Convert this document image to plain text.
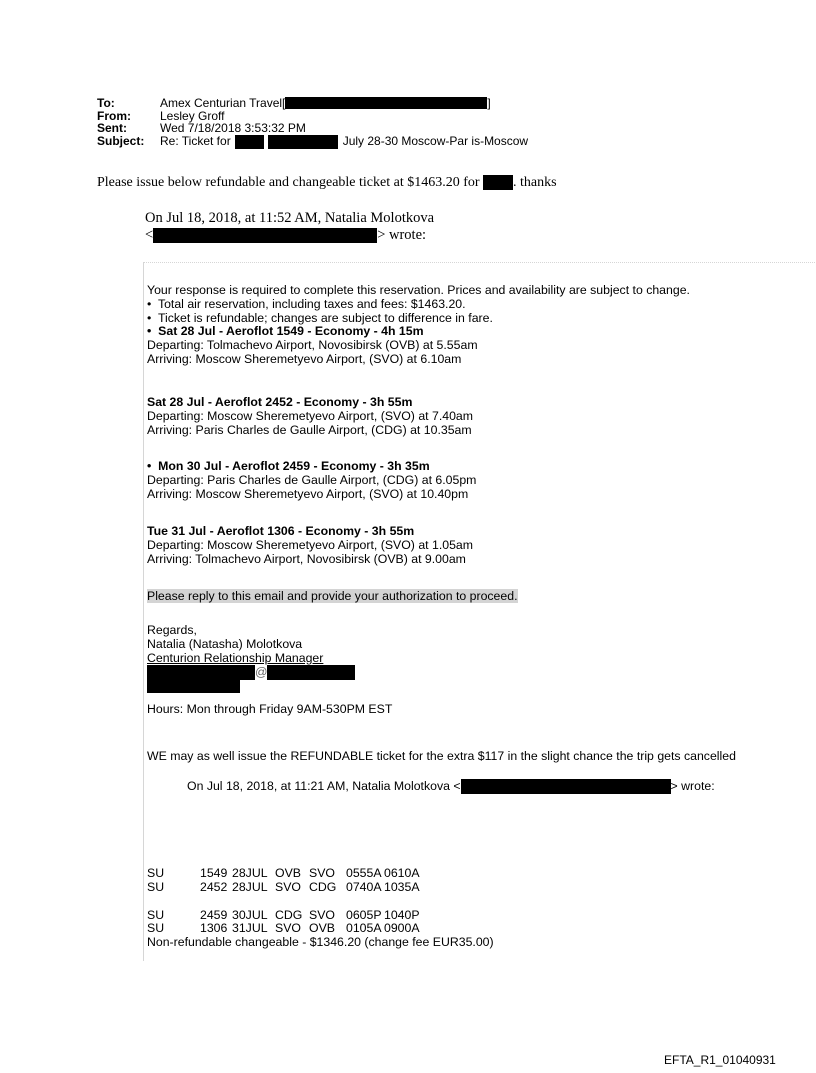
To:	Amex Centurian Travel[	]
From:	Lesley Groff
Sent:	Wed 7/18/2018 3:53:32 PM
Subject:	Re: Ticket for	July 28-30 Moscow-Par is-Moscow
Please issue below refundable and changeable ticket at $1463.20 for . thanks
On Jul 18, 2018, at 11:52 AM, Natalia Molotkova
<	> wrote:
Your response is required to complete this reservation. Prices and availability are subject to change.
• Total air reservation, including taxes and fees: $1463.20.
• Ticket is refundable; changes are subject to difference in fare.
• Sat 28 Jul - Aeroflot 1549 - Economy - 4h 15m
Departing: Tolmachevo Airport, Novosibirsk (OVB) at 5.55am
Arriving: Moscow Sheremetyevo Airport, (SVO) at 6.10am
Sat 28 Jul - Aeroflot 2452 - Economy - 3h 55m
Departing: Moscow Sheremetyevo Airport, (SVO) at 7.40am
Arriving: Paris Charles de Gaulle Airport, (CDG) at 10.35am
• Mon 30 Jul - Aeroflot 2459 - Economy - 3h 35m
Departing: Paris Charles de Gaulle Airport, (CDG) at 6.05pm
Arriving: Moscow Sheremetyevo Airport, (SVO) at 10.40pm
Tue 31 Jul - Aeroflot 1306 - Economy - 3h 55m
Departing: Moscow Sheremetyevo Airport, (SVO) at 1.05am
Arriving: Tolmachevo Airport, Novosibirsk (OVB) at 9.00am
Please reply to this email and provide your authorization to proceed.
Regards,
Natalia (Natasha) Molotkova
Centurion Relationship Manager
@
Hours: Mon through Friday 9AM-530PM EST
WE may as well issue the REFUNDABLE ticket for the extra $117 in the slight chance the trip gets cancelled
On Jul 18, 2018, at 11:21 AM, Natalia Molotkova <	> wrote:
SU	1549 28JUL OVB SVO 0555A 0610A
SU	2452 28JUL SVO CDG 0740A 1035A
SU	2459 30JUL CDG SVO 0605P 1040P
SU	1306 31JUL SVO OVB 0105A 0900A
Non-refundable changeable - $1346.20 (change fee EUR35.00)
EFTA_R1_01040931
